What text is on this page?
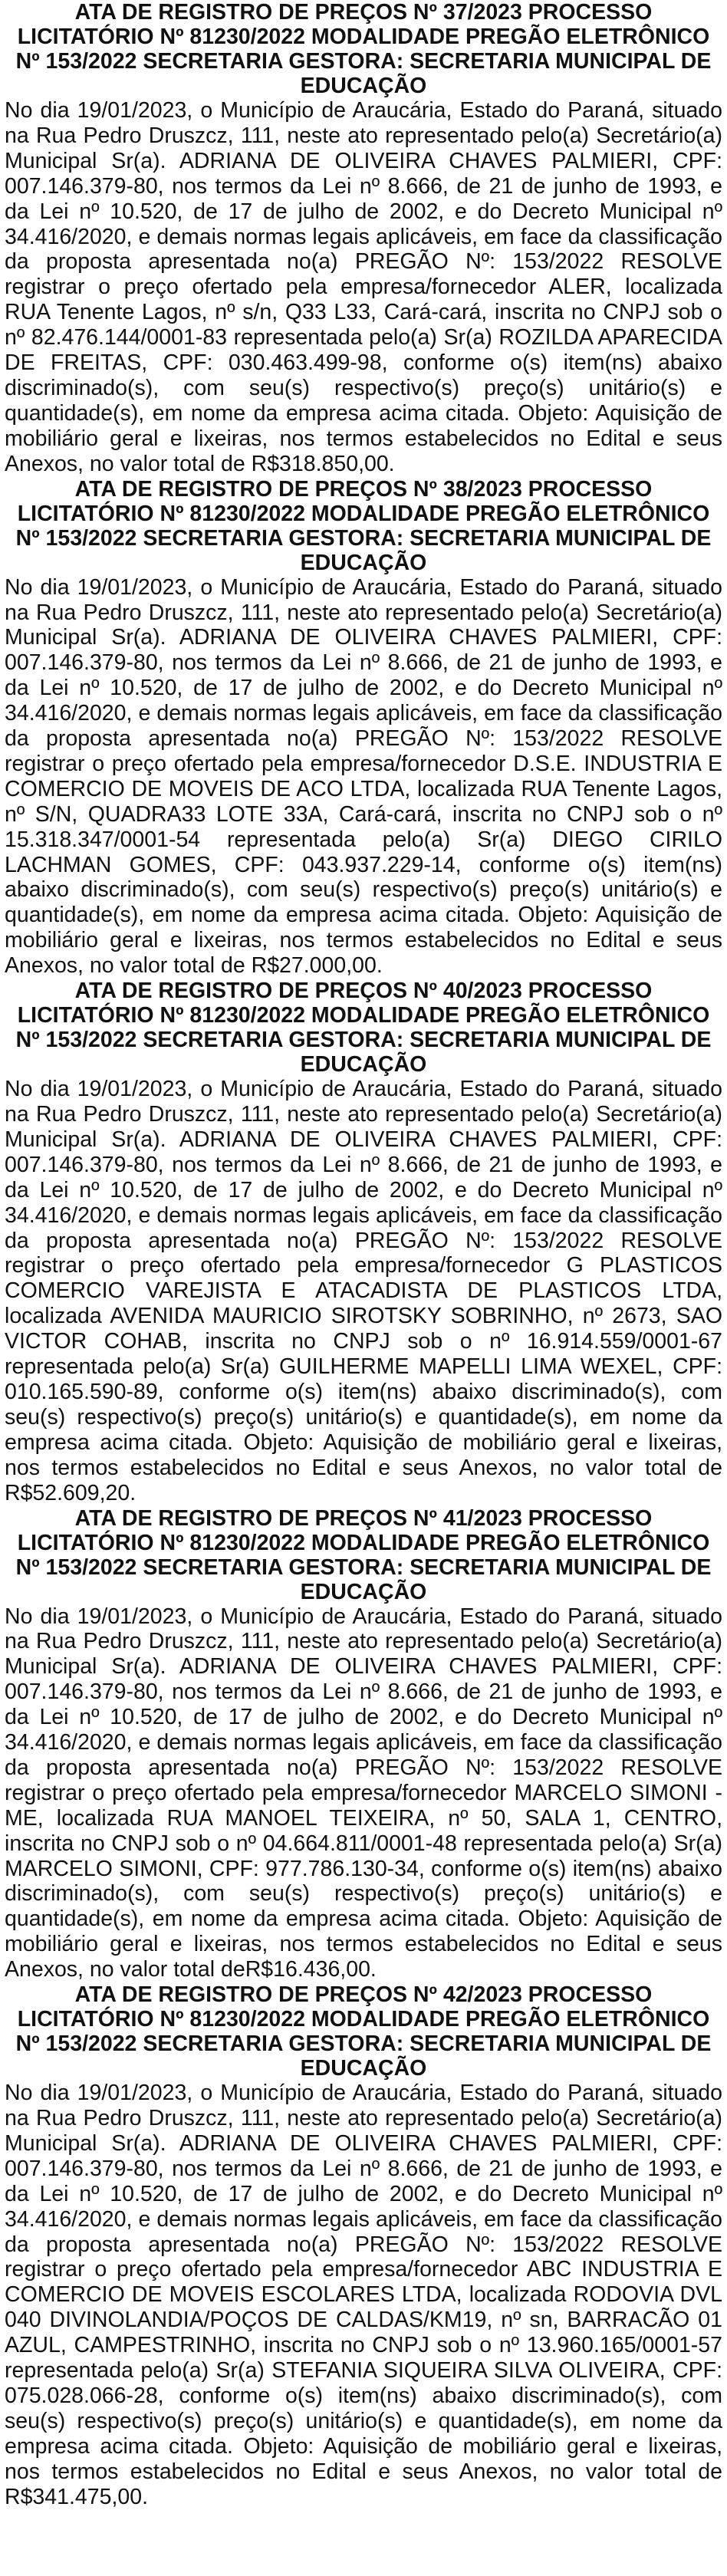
ATA DE REGISTRO DE PREÇOS Nº 37/2023 PROCESSO LICITATÓRIO Nº 81230/2022 MODALIDADE PREGÃO ELETRÔNICO Nº 153/2022 SECRETARIA GESTORA: SECRETARIA MUNICIPAL DE EDUCAÇÃO

No dia 19/01/2023, o Município de Araucária, Estado do Paraná, situado na Rua Pedro Druszcz, 111, neste ato representado pelo(a) Secretário(a) Municipal Sr(a). ADRIANA DE OLIVEIRA CHAVES PALMIERI, CPF: 007.146.379-80, nos termos da Lei nº 8.666, de 21 de junho de 1993, e da Lei nº 10.520, de 17 de julho de 2002, e do Decreto Municipal nº 34.416/2020, e demais normas legais aplicáveis, em face da classificação da proposta apresentada no(a) PREGÃO Nº: 153/2022 RESOLVE registrar o preço ofertado pela empresa/fornecedor ALER, localizada RUA Tenente Lagos, nº s/n, Q33 L33, Cará-cará, inscrita no CNPJ sob o nº 82.476.144/0001-83 representada pelo(a) Sr(a) ROZILDA APARECIDA DE FREITAS, CPF: 030.463.499-98, conforme o(s) item(ns) abaixo discriminado(s), com seu(s) respectivo(s) preço(s) unitário(s) e quantidade(s), em nome da empresa acima citada. Objeto: Aquisição de mobiliário geral e lixeiras, nos termos estabelecidos no Edital e seus Anexos, no valor total de R$318.850,00.

ATA DE REGISTRO DE PREÇOS Nº 38/2023 PROCESSO LICITATÓRIO Nº 81230/2022 MODALIDADE PREGÃO ELETRÔNICO Nº 153/2022 SECRETARIA GESTORA: SECRETARIA MUNICIPAL DE EDUCAÇÃO

No dia 19/01/2023, o Município de Araucária, Estado do Paraná, situado na Rua Pedro Druszcz, 111, neste ato representado pelo(a) Secretário(a) Municipal Sr(a). ADRIANA DE OLIVEIRA CHAVES PALMIERI, CPF: 007.146.379-80, nos termos da Lei nº 8.666, de 21 de junho de 1993, e da Lei nº 10.520, de 17 de julho de 2002, e do Decreto Municipal nº 34.416/2020, e demais normas legais aplicáveis, em face da classificação da proposta apresentada no(a) PREGÃO Nº: 153/2022 RESOLVE registrar o preço ofertado pela empresa/fornecedor D.S.E. INDUSTRIA E COMERCIO DE MOVEIS DE ACO LTDA, localizada RUA Tenente Lagos, nº S/N, QUADRA33 LOTE 33A, Cará-cará, inscrita no CNPJ sob o nº 15.318.347/0001-54 representada pelo(a) Sr(a) DIEGO CIRILO LACHMAN GOMES, CPF: 043.937.229-14, conforme o(s) item(ns) abaixo discriminado(s), com seu(s) respectivo(s) preço(s) unitário(s) e quantidade(s), em nome da empresa acima citada. Objeto: Aquisição de mobiliário geral e lixeiras, nos termos estabelecidos no Edital e seus Anexos, no valor total de R$27.000,00.

ATA DE REGISTRO DE PREÇOS Nº 40/2023 PROCESSO LICITATÓRIO Nº 81230/2022 MODALIDADE PREGÃO ELETRÔNICO Nº 153/2022 SECRETARIA GESTORA: SECRETARIA MUNICIPAL DE EDUCAÇÃO

No dia 19/01/2023, o Município de Araucária, Estado do Paraná, situado na Rua Pedro Druszcz, 111, neste ato representado pelo(a) Secretário(a) Municipal Sr(a). ADRIANA DE OLIVEIRA CHAVES PALMIERI, CPF: 007.146.379-80, nos termos da Lei nº 8.666, de 21 de junho de 1993, e da Lei nº 10.520, de 17 de julho de 2002, e do Decreto Municipal nº 34.416/2020, e demais normas legais aplicáveis, em face da classificação da proposta apresentada no(a) PREGÃO Nº: 153/2022 RESOLVE registrar o preço ofertado pela empresa/fornecedor G PLASTICOS COMERCIO VAREJISTA E ATACADISTA DE PLASTICOS LTDA, localizada AVENIDA MAURICIO SIROTSKY SOBRINHO, nº 2673, SAO VICTOR COHAB, inscrita no CNPJ sob o nº 16.914.559/0001-67 representada pelo(a) Sr(a) GUILHERME MAPELLI LIMA WEXEL, CPF: 010.165.590-89, conforme o(s) item(ns) abaixo discriminado(s), com seu(s) respectivo(s) preço(s) unitário(s) e quantidade(s), em nome da empresa acima citada. Objeto: Aquisição de mobiliário geral e lixeiras, nos termos estabelecidos no Edital e seus Anexos, no valor total de R$52.609,20.

ATA DE REGISTRO DE PREÇOS Nº 41/2023 PROCESSO LICITATÓRIO Nº 81230/2022 MODALIDADE PREGÃO ELETRÔNICO Nº 153/2022 SECRETARIA GESTORA: SECRETARIA MUNICIPAL DE EDUCAÇÃO

No dia 19/01/2023, o Município de Araucária, Estado do Paraná, situado na Rua Pedro Druszcz, 111, neste ato representado pelo(a) Secretário(a) Municipal Sr(a). ADRIANA DE OLIVEIRA CHAVES PALMIERI, CPF: 007.146.379-80, nos termos da Lei nº 8.666, de 21 de junho de 1993, e da Lei nº 10.520, de 17 de julho de 2002, e do Decreto Municipal nº 34.416/2020, e demais normas legais aplicáveis, em face da classificação da proposta apresentada no(a) PREGÃO Nº: 153/2022 RESOLVE registrar o preço ofertado pela empresa/fornecedor MARCELO SIMONI - ME, localizada RUA MANOEL TEIXEIRA, nº 50, SALA 1, CENTRO, inscrita no CNPJ sob o nº 04.664.811/0001-48 representada pelo(a) Sr(a) MARCELO SIMONI, CPF: 977.786.130-34, conforme o(s) item(ns) abaixo discriminado(s), com seu(s) respectivo(s) preço(s) unitário(s) e quantidade(s), em nome da empresa acima citada. Objeto: Aquisição de mobiliário geral e lixeiras, nos termos estabelecidos no Edital e seus Anexos, no valor total deR$16.436,00.

ATA DE REGISTRO DE PREÇOS Nº 42/2023 PROCESSO LICITATÓRIO Nº 81230/2022 MODALIDADE PREGÃO ELETRÔNICO Nº 153/2022 SECRETARIA GESTORA: SECRETARIA MUNICIPAL DE EDUCAÇÃO

No dia 19/01/2023, o Município de Araucária, Estado do Paraná, situado na Rua Pedro Druszcz, 111, neste ato representado pelo(a) Secretário(a) Municipal Sr(a). ADRIANA DE OLIVEIRA CHAVES PALMIERI, CPF: 007.146.379-80, nos termos da Lei nº 8.666, de 21 de junho de 1993, e da Lei nº 10.520, de 17 de julho de 2002, e do Decreto Municipal nº 34.416/2020, e demais normas legais aplicáveis, em face da classificação da proposta apresentada no(a) PREGÃO Nº: 153/2022 RESOLVE registrar o preço ofertado pela empresa/fornecedor ABC INDUSTRIA E COMERCIO DE MOVEIS ESCOLARES LTDA, localizada RODOVIA DVL 040 DIVINOLANDIA/POÇOS DE CALDAS/KM19, nº sn, BARRACÃO 01 AZUL, CAMPESTRINHO, inscrita no CNPJ sob o nº 13.960.165/0001-57 representada pelo(a) Sr(a) STEFANIA SIQUEIRA SILVA OLIVEIRA, CPF: 075.028.066-28, conforme o(s) item(ns) abaixo discriminado(s), com seu(s) respectivo(s) preço(s) unitário(s) e quantidade(s), em nome da empresa acima citada. Objeto: Aquisição de mobiliário geral e lixeiras, nos termos estabelecidos no Edital e seus Anexos, no valor total de R$341.475,00.
